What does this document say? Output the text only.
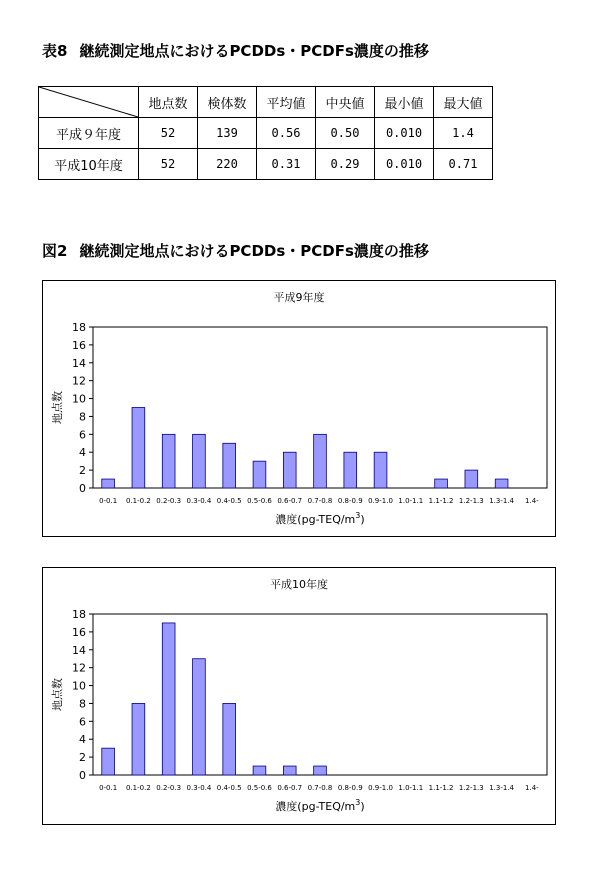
表8 継続測定地点におけるPCDDs・PCDFs濃度の推移
	地点数	検体数	平均値	中央値	最小値	最大値
平成９年度	52	139	0.56	0.50	0.010	1.4
平成10年度	52	220	0.31	0.29	0.010	0.71
図2 継続測定地点におけるPCDDs・PCDFs濃度の推移
平成9年度
0
2
4
6
8
10
12
14
16
18
地点数
0-0.1 0.1-0.2 0.2-0.3 0.3-0.4 0.4-0.5 0.5-0.6 0.6-0.7 0.7-0.8 0.8-0.9 0.9-1.0 1.0-1.1 1.1-1.2 1.2-1.3 1.3-1.4 1.4-
濃度$(pg-TEQ/m^3)$
平成10年度
0
2
4
6
8
10
12
14
16
18
地点数
0-0.1 0.1-0.2 0.2-0.3 0.3-0.4 0.4-0.5 0.5-0.6 0.6-0.7 0.7-0.8 0.8-0.9 0.9-1.0 1.0-1.1 1.1-1.2 1.2-1.3 1.3-1.4 1.4-
濃度$(pg-TEQ/m^3)$
